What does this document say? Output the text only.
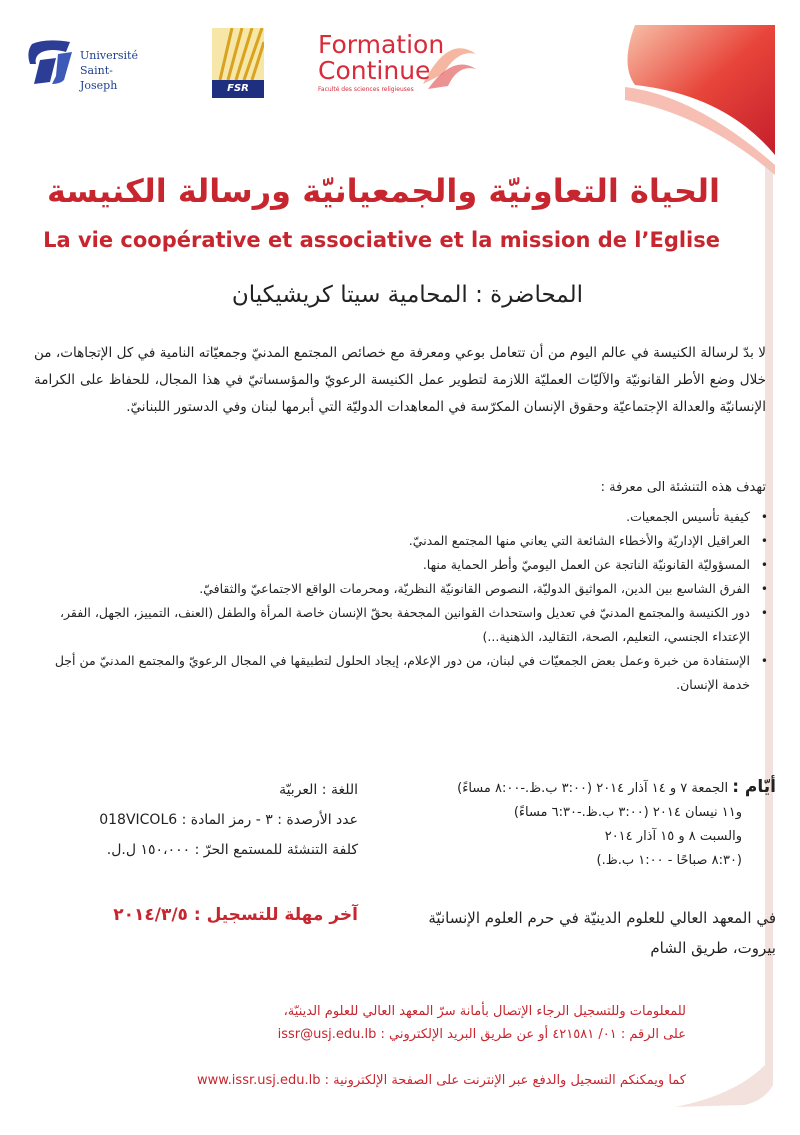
Université
Saint-Joseph	FSR
Formation
Continue
Faculté des sciences religieuses
الحياة التعاونيّة والجمعيانيّة ورسالة الكنيسة
La vie coopérative et associative et la mission de l’Eglise
المحاضرة : المحامية سيتا كريشيكيان
لا بدّ لرسالة الكنيسة في عالم اليوم من أن تتعامل بوعي ومعرفة مع خصائص المجتمع المدنيّ وجمعيّاته النامية في كل الإتجاهات، من خلال وضع الأطر القانونيّة والآليّات العمليّة اللازمة لتطوير عمل الكنيسة الرعويّ والمؤسساتيّ في هذا المجال، للحفاظ على الكرامة الإنسانيّة والعدالة الإجتماعيّة وحقوق الإنسان المكرّسة في المعاهدات الدوليّة التي أبرمها لبنان وفي الدستور اللبنانيّ.
تهدف هذه التنشئة الى معرفة :
•
كيفية تأسيس الجمعيات.
•
العراقيل الإداريّة والأخطاء الشائعة التي يعاني منها المجتمع المدنيّ.
•
المسؤوليّة القانونيّة الناتجة عن العمل اليوميّ وأطر الحماية منها.
•
الفرق الشاسع بين الدين، المواثيق الدوليّة، النصوص القانونيّة النظريّة، ومحرمات الواقع الاجتماعيّ والثقافيّ.
•
دور الكنيسة والمجتمع المدنيّ في تعديل واستحداث القوانين المجحفة بحقّ الإنسان خاصة المرأة والطفل (العنف، التمييز، الجهل، الفقر، الإعتداء الجنسي، التعليم، الصحة، التقاليد، الذهنية...)
•
الإستفادة من خبرة وعمل بعض الجمعيّات في لبنان، من دور الإعلام، إيجاد الحلول لتطبيقها في المجال الرعويّ والمجتمع المدنيّ من أجل خدمة الإنسان.
أيّام : الجمعة ٧ و ١٤ آذار ٢٠١٤ (٣:٠٠ ب.ظ.-٨:٠٠ مساءً)
و١١ نيسان ٢٠١٤ (٣:٠٠ ب.ظ.-٦:٣٠ مساءً)
والسبت ٨ و ١٥ آذار ٢٠١٤
(٨:٣٠ صباحًا - ١:٠٠ ب.ظ.)
اللغة : العربيّة
عدد الأرصدة : ٣ - رمز المادة : 018VICOL6
كلفة التنشئة للمستمع الحرّ : ١٥٠،٠٠٠ ل.ل.
آخر مهلة للتسجيل : ٢٠١٤/٣/٥	في المعهد العالي للعلوم الدينيّة في حرم العلوم الإنسانيّة
بيروت، طريق الشام
للمعلومات وللتسجيل الرجاء الإتصال بأمانة سرّ المعهد العالي للعلوم الدينيّة،
على الرقم : ٠١/ ٤٢١٥٨١ أو عن طريق البريد الإلكتروني : issr@usj.edu.lb
كما ويمكنكم التسجيل والدفع عبر الإنترنت على الصفحة الإلكترونية : www.issr.usj.edu.lb
